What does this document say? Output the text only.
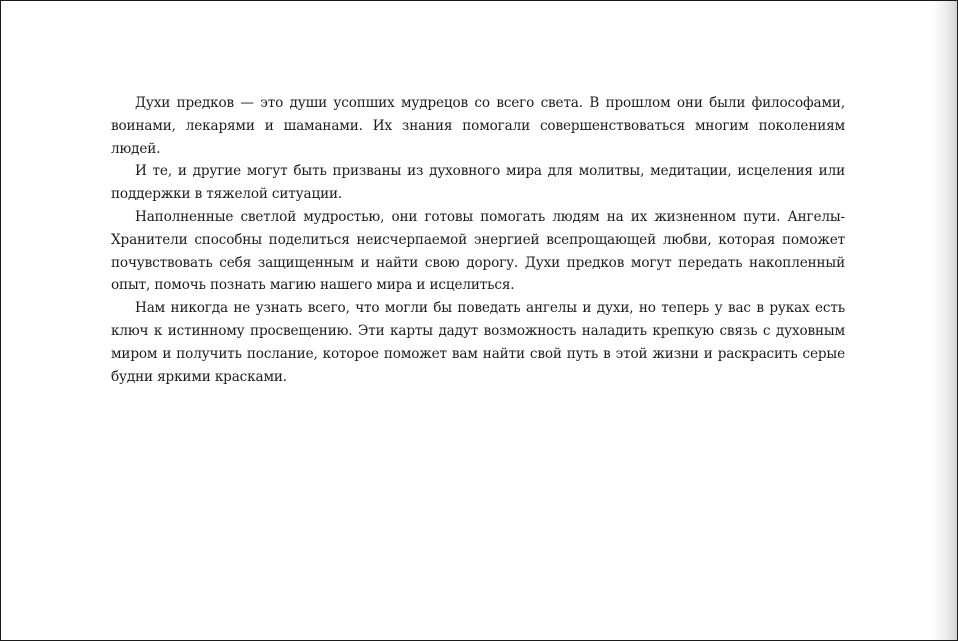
Духи предков — это души усопших мудрецов со всего света. В прошлом они были философами, воинами, лекарями и шаманами. Их знания помогали совершенствоваться многим поколениям людей.

И те, и другие могут быть призваны из духовного мира для молитвы, медитации, исцеления или поддержки в тяжелой ситуации.

Наполненные светлой мудростью, они готовы помогать людям на их жизненном пути. Ангелы-Хранители способны поделиться неисчерпаемой энергией всепрощающей любви, которая поможет почувствовать себя защищенным и найти свою дорогу. Духи предков могут передать накопленный опыт, помочь познать магию нашего мира и исцелиться.

Нам никогда не узнать всего, что могли бы поведать ангелы и духи, но теперь у вас в руках есть ключ к истинному просвещению. Эти карты дадут возможность наладить крепкую связь с духовным миром и получить послание, которое поможет вам найти свой путь в этой жизни и раскрасить серые будни яркими красками.
